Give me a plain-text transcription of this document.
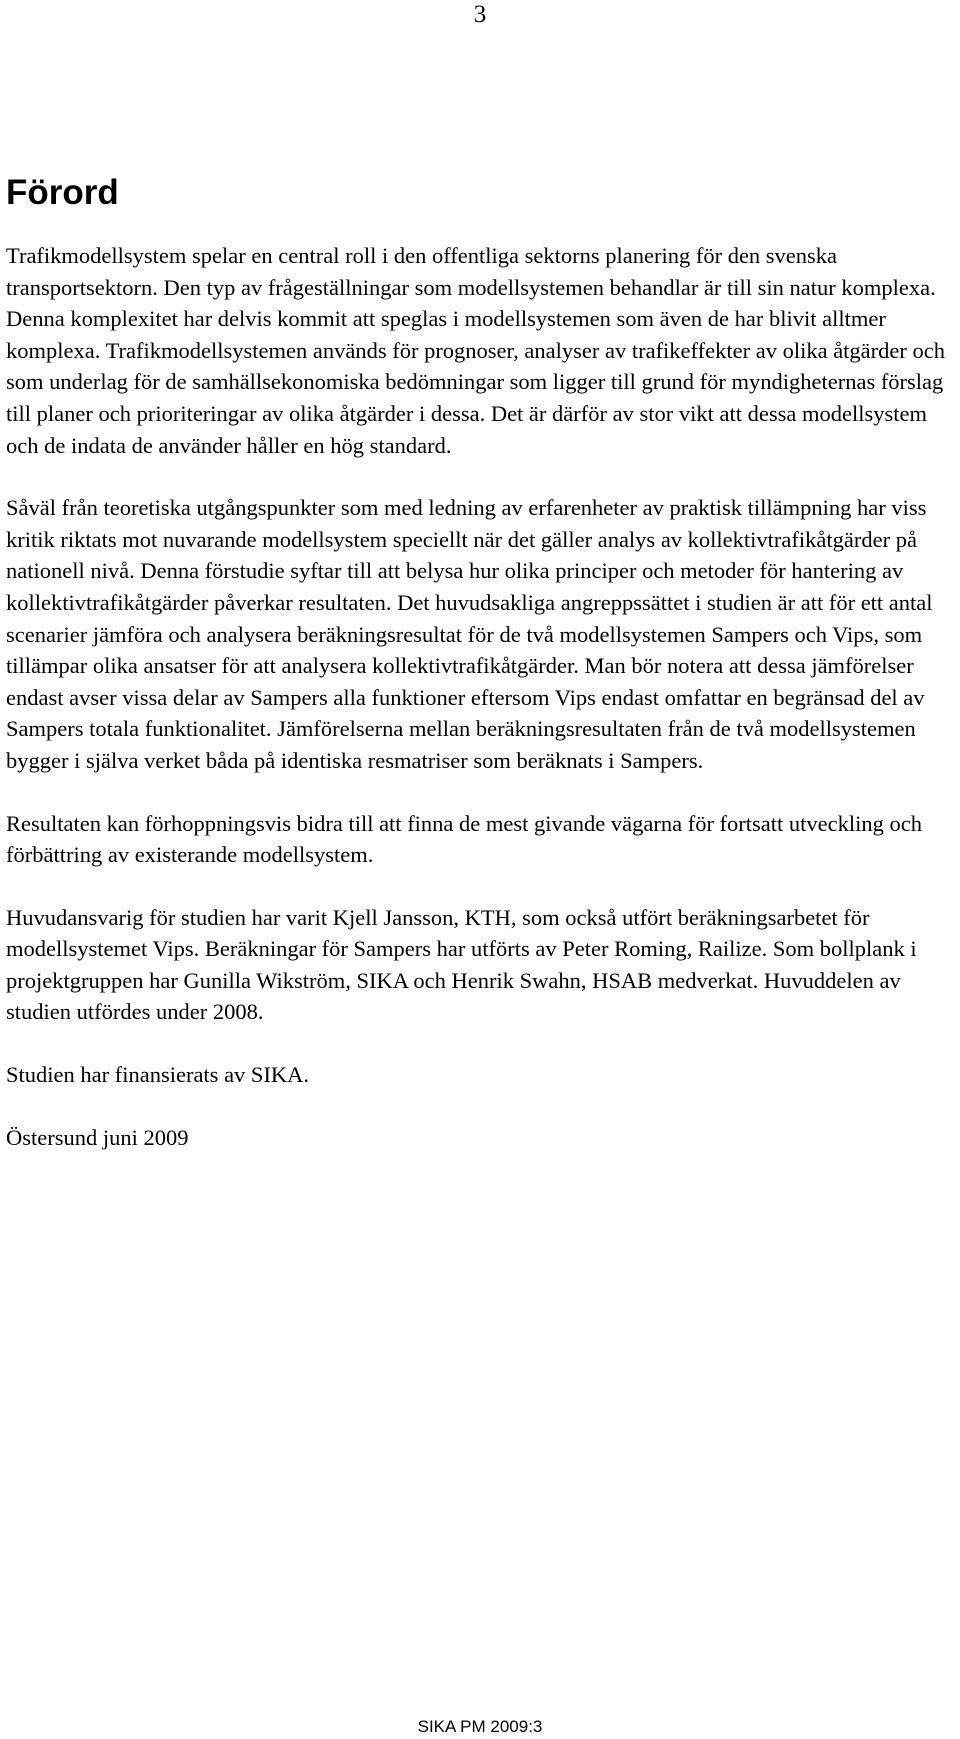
3
Förord

Trafikmodellsystem spelar en central roll i den offentliga sektorns planering för den svenska transportsektorn. Den typ av frågeställningar som modellsystemen behandlar är till sin natur komplexa. Denna komplexitet har delvis kommit att speglas i modellsystemen som även de har blivit alltmer komplexa. Trafikmodellsystemen används för prognoser, analyser av trafikeffekter av olika åtgärder och som underlag för de samhällsekonomiska bedömningar som ligger till grund för myndigheternas förslag till planer och prioriteringar av olika åtgärder i dessa. Det är därför av stor vikt att dessa modellsystem och de indata de använder håller en hög standard.

Såväl från teoretiska utgångspunkter som med ledning av erfarenheter av praktisk tillämpning har viss kritik riktats mot nuvarande modellsystem speciellt när det gäller analys av kollektivtrafikåtgärder på nationell nivå. Denna förstudie syftar till att belysa hur olika principer och metoder för hantering av kollektivtrafikåtgärder påverkar resultaten. Det huvudsakliga angreppssättet i studien är att för ett antal scenarier jämföra och analysera beräkningsresultat för de två modellsystemen Sampers och Vips, som tillämpar olika ansatser för att analysera kollektivtrafikåtgärder. Man bör notera att dessa jämförelser endast avser vissa delar av Sampers alla funktioner eftersom Vips endast omfattar en begränsad del av Sampers totala funktionalitet. Jämförelserna mellan beräkningsresultaten från de två modellsystemen bygger i själva verket båda på identiska resmatriser som beräknats i Sampers.

Resultaten kan förhoppningsvis bidra till att finna de mest givande vägarna för fortsatt utveckling och förbättring av existerande modellsystem.

Huvudansvarig för studien har varit Kjell Jansson, KTH, som också utfört beräkningsarbetet för modellsystemet Vips. Beräkningar för Sampers har utförts av Peter Roming, Railize. Som bollplank i projektgruppen har Gunilla Wikström, SIKA och Henrik Swahn, HSAB medverkat. Huvuddelen av studien utfördes under 2008.

Studien har finansierats av SIKA.

Östersund juni 2009

SIKA PM 2009:3
